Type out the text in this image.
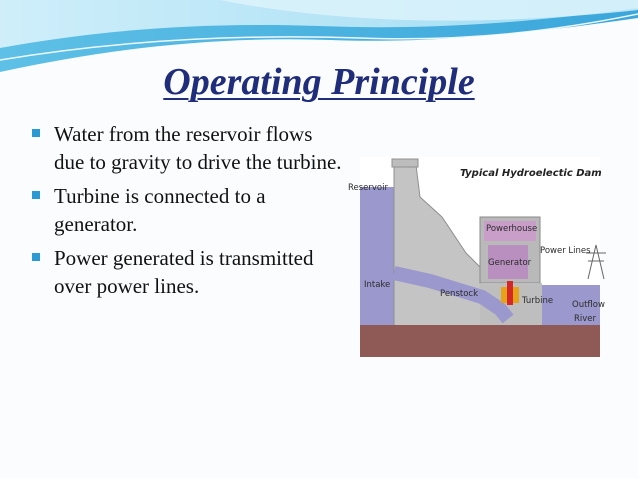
Operating Principle
Water from the reservoir flows due to gravity to drive the turbine.
Turbine is connected to a generator.
Power generated is transmitted over power lines.
Typical Hydroelectic Dam
Reservoir
Powerhouse
Generator
Power Lines
Intake
Penstock
Turbine Outflow
River
